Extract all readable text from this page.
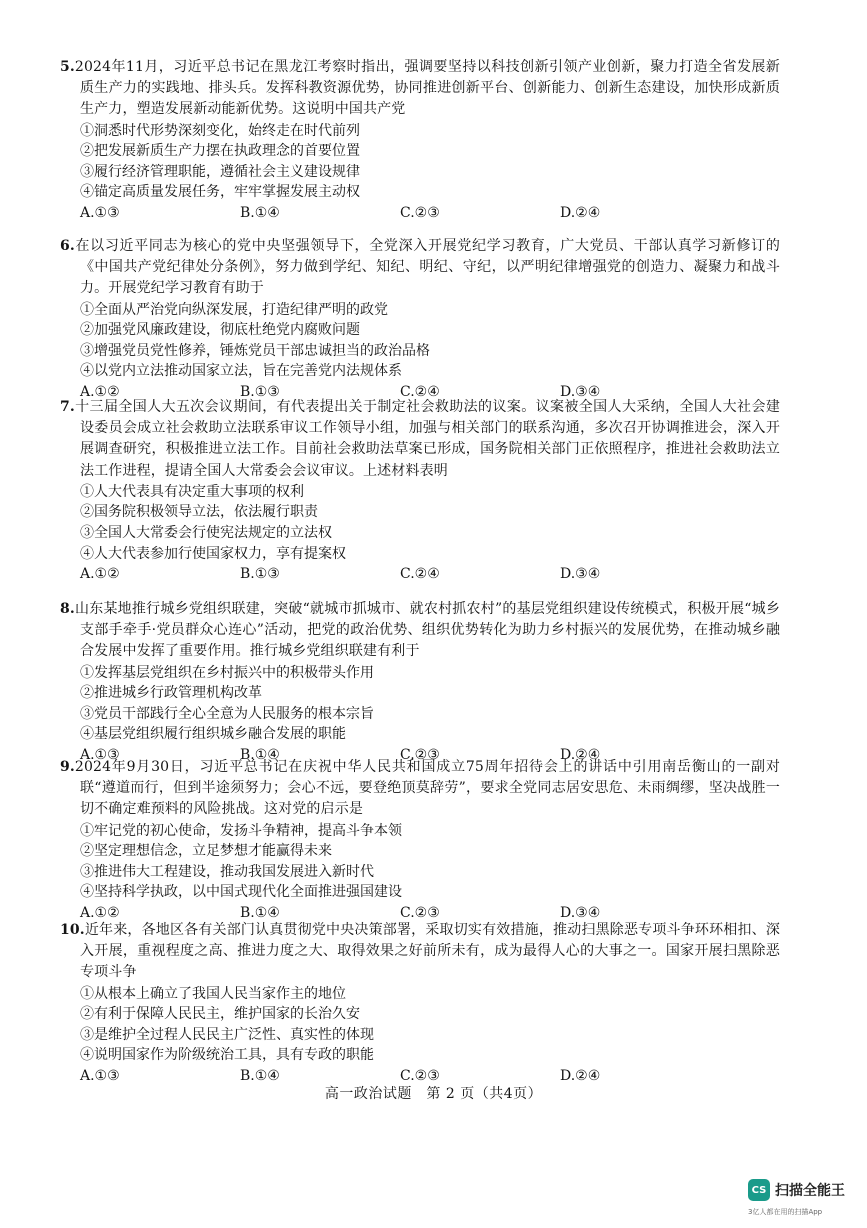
5.2024年11月，习近平总书记在黑龙江考察时指出，强调要坚持以科技创新引领产业创新，聚力打造全省发展新质生产力的实践地、排头兵。发挥科教资源优势，协同推进创新平台、创新能力、创新生态建设，加快形成新质生产力，塑造发展新动能新优势。这说明中国共产党
①洞悉时代形势深刻变化，始终走在时代前列
②把发展新质生产力摆在执政理念的首要位置
③履行经济管理职能，遵循社会主义建设规律
④锚定高质量发展任务，牢牢掌握发展主动权
A.①③	B.①④	C.②③	D.②④
6.在以习近平同志为核心的党中央坚强领导下，全党深入开展党纪学习教育，广大党员、干部认真学习新修订的《中国共产党纪律处分条例》，努力做到学纪、知纪、明纪、守纪，以严明纪律增强党的创造力、凝聚力和战斗力。开展党纪学习教育有助于
①全面从严治党向纵深发展，打造纪律严明的政党
②加强党风廉政建设，彻底杜绝党内腐败问题
③增强党员党性修养，锤炼党员干部忠诚担当的政治品格
④以党内立法推动国家立法，旨在完善党内法规体系
A.①②	B.①③	C.②④	D.③④
7.十三届全国人大五次会议期间，有代表提出关于制定社会救助法的议案。议案被全国人大采纳，全国人大社会建设委员会成立社会救助立法联系审议工作领导小组，加强与相关部门的联系沟通，多次召开协调推进会，深入开展调查研究，积极推进立法工作。目前社会救助法草案已形成，国务院相关部门正依照程序，推进社会救助法立法工作进程，提请全国人大常委会会议审议。上述材料表明
①人大代表具有决定重大事项的权利
②国务院积极领导立法，依法履行职责
③全国人大常委会行使宪法规定的立法权
④人大代表参加行使国家权力，享有提案权
A.①②	B.①③	C.②④	D.③④
8.山东某地推行城乡党组织联建，突破“就城市抓城市、就农村抓农村”的基层党组织建设传统模式，积极开展“城乡支部手牵手·党员群众心连心”活动，把党的政治优势、组织优势转化为助力乡村振兴的发展优势，在推动城乡融合发展中发挥了重要作用。推行城乡党组织联建有利于
①发挥基层党组织在乡村振兴中的积极带头作用
②推进城乡行政管理机构改革
③党员干部践行全心全意为人民服务的根本宗旨
④基层党组织履行组织城乡融合发展的职能
A.①③	B.①④	C.②③	D.②④
9.2024年9月30日，习近平总书记在庆祝中华人民共和国成立75周年招待会上的讲话中引用南岳衡山的一副对联“遵道而行，但到半途须努力；会心不远，要登绝顶莫辞劳”，要求全党同志居安思危、未雨绸缪，坚决战胜一切不确定难预料的风险挑战。这对党的启示是
①牢记党的初心使命，发扬斗争精神，提高斗争本领
②坚定理想信念，立足梦想才能赢得未来
③推进伟大工程建设，推动我国发展进入新时代
④坚持科学执政，以中国式现代化全面推进强国建设
A.①②	B.①④	C.②③	D.③④
10.近年来，各地区各有关部门认真贯彻党中央决策部署，采取切实有效措施，推动扫黑除恶专项斗争环环相扣、深入开展，重视程度之高、推进力度之大、取得效果之好前所未有，成为最得人心的大事之一。国家开展扫黑除恶专项斗争
①从根本上确立了我国人民当家作主的地位
②有利于保障人民民主，维护国家的长治久安
③是维护全过程人民民主广泛性、真实性的体现
④说明国家作为阶级统治工具，具有专政的职能
A.①③	B.①④	C.②③	D.②④
高一政治试题　第 2 页（共4页）
CS 扫描全能王
3亿人都在用的扫描App
